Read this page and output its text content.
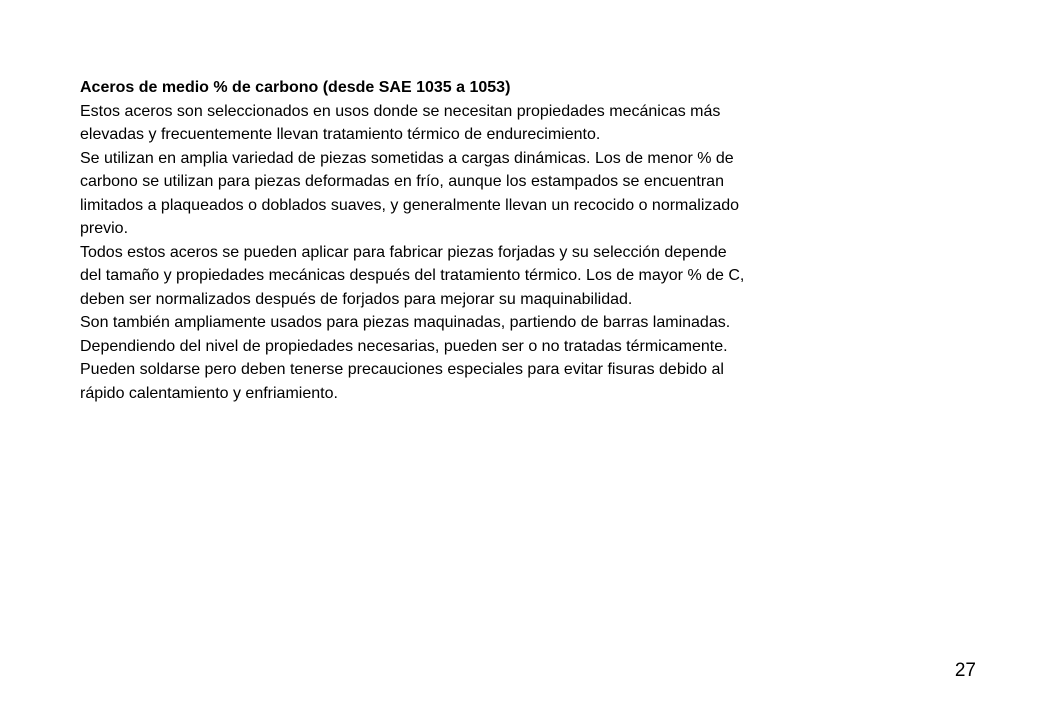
Aceros de medio % de carbono (desde SAE 1035 a 1053)

Estos aceros son seleccionados en usos donde se necesitan propiedades mecánicas más

elevadas y frecuentemente llevan tratamiento térmico de endurecimiento.

Se utilizan en amplia variedad de piezas sometidas a cargas dinámicas. Los de menor % de

carbono se utilizan para piezas deformadas en frío, aunque los estampados se encuentran

limitados a plaqueados o doblados suaves, y generalmente llevan un recocido o normalizado

previo.

Todos estos aceros se pueden aplicar para fabricar piezas forjadas y su selección depende

del tamaño y propiedades mecánicas después del tratamiento térmico. Los de mayor % de C,

deben ser normalizados después de forjados para mejorar su maquinabilidad.

Son también ampliamente usados para piezas maquinadas, partiendo de barras laminadas.

Dependiendo del nivel de propiedades necesarias, pueden ser o no tratadas térmicamente.

Pueden soldarse pero deben tenerse precauciones especiales para evitar fisuras debido al

rápido calentamiento y enfriamiento.

27
